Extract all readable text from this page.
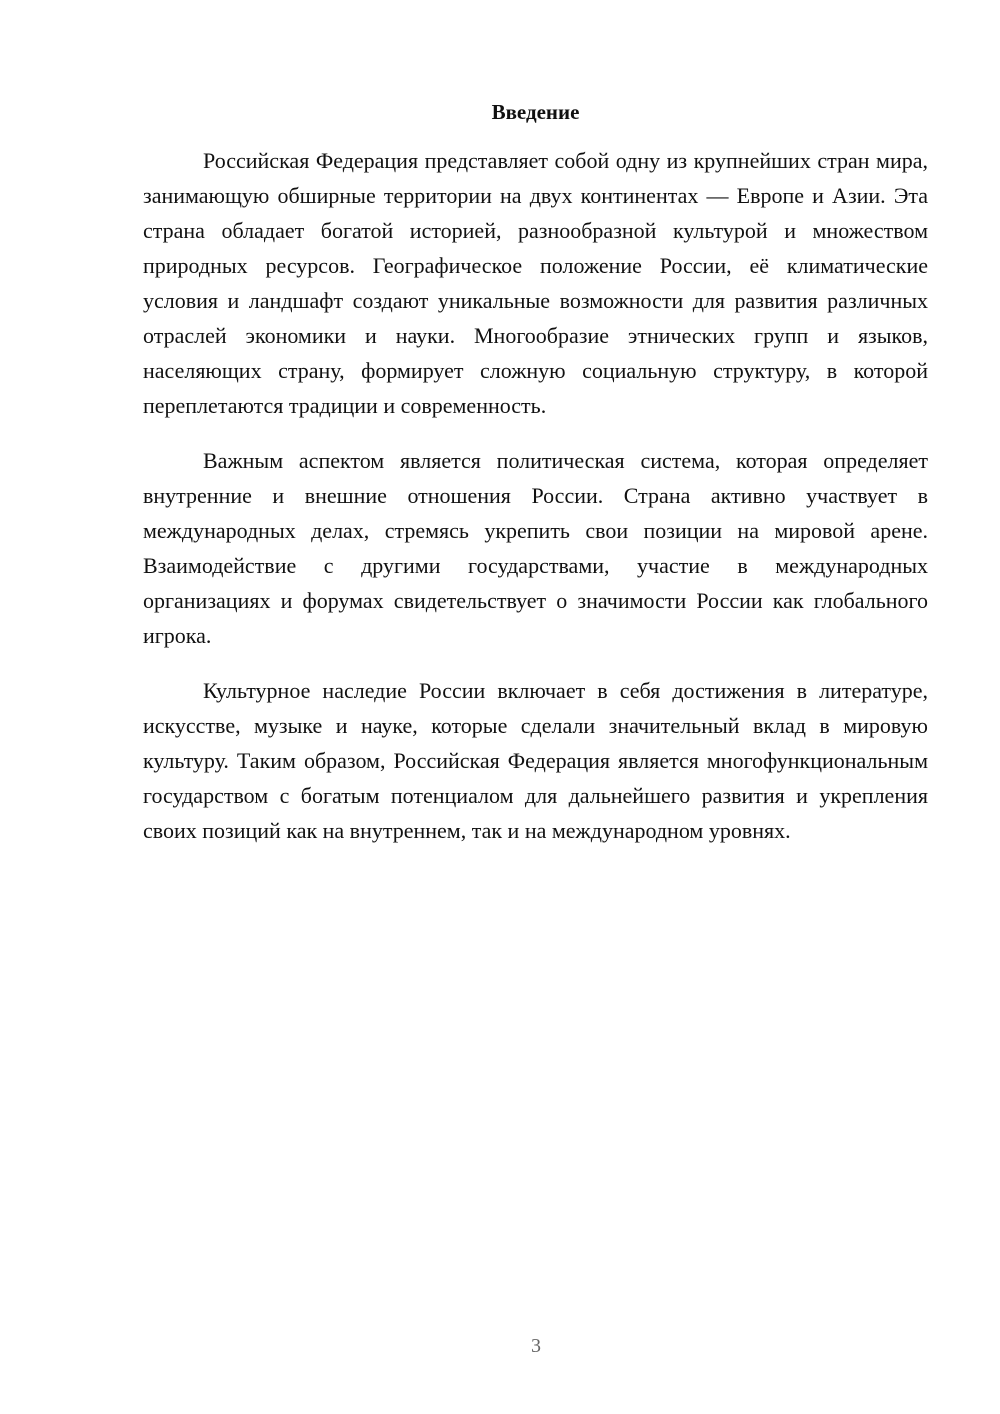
Введение

Российская Федерация представляет собой одну из крупнейших стран мира, занимающую обширные территории на двух континентах — Европе и Азии. Эта страна обладает богатой историей, разнообразной культурой и множеством природных ресурсов. Географическое положение России, её климатические условия и ландшафт создают уникальные возможности для развития различных отраслей экономики и науки. Многообразие этнических групп и языков, населяющих страну, формирует сложную социальную структуру, в которой переплетаются традиции и современность.

Важным аспектом является политическая система, которая определяет внутренние и внешние отношения России. Страна активно участвует в международных делах, стремясь укрепить свои позиции на мировой арене. Взаимодействие с другими государствами, участие в международных организациях и форумах свидетельствует о значимости России как глобального игрока.

Культурное наследие России включает в себя достижения в литературе, искусстве, музыке и науке, которые сделали значительный вклад в мировую культуру. Таким образом, Российская Федерация является многофункциональным государством с богатым потенциалом для дальнейшего развития и укрепления своих позиций как на внутреннем, так и на международном уровнях.

3
